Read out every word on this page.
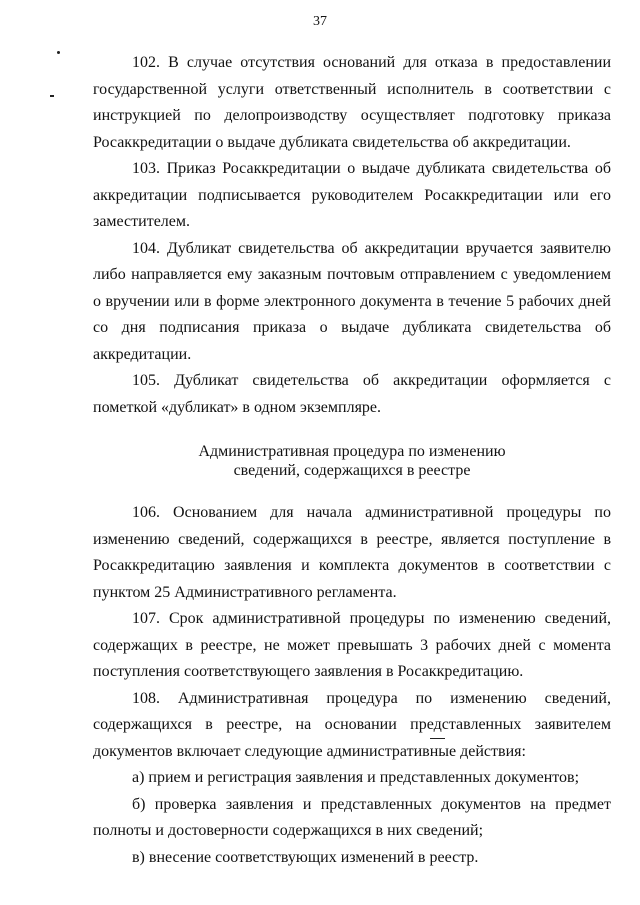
37

102. В случае отсутствия оснований для отказа в предоставлении государственной услуги ответственный исполнитель в соответствии с инструкцией по делопроизводству осуществляет подготовку приказа Росаккредитации о выдаче дубликата свидетельства об аккредитации.

103. Приказ Росаккредитации о выдаче дубликата свидетельства об аккредитации подписывается руководителем Росаккредитации или его заместителем.

104. Дубликат свидетельства об аккредитации вручается заявителю либо направляется ему заказным почтовым отправлением с уведомлением о вручении или в форме электронного документа в течение 5 рабочих дней со дня подписания приказа о выдаче дубликата свидетельства об аккредитации.

105. Дубликат свидетельства об аккредитации оформляется с пометкой «дубликат» в одном экземпляре.

Административная процедура по изменению
сведений, содержащихся в реестре

106. Основанием для начала административной процедуры по изменению сведений, содержащихся в реестре, является поступление в Росаккредитацию заявления и комплекта документов в соответствии с пунктом 25 Административного регламента.

107. Срок административной процедуры по изменению сведений, содержащих в реестре, не может превышать 3 рабочих дней с момента поступления соответствующего заявления в Росаккредитацию.

108. Административная процедура по изменению сведений, содержащихся в реестре, на основании представленных заявителем документов включает следующие административные действия:

а) прием и регистрация заявления и представленных документов;

б) проверка заявления и представленных документов на предмет полноты и достоверности содержащихся в них сведений;

в) внесение соответствующих изменений в реестр.
